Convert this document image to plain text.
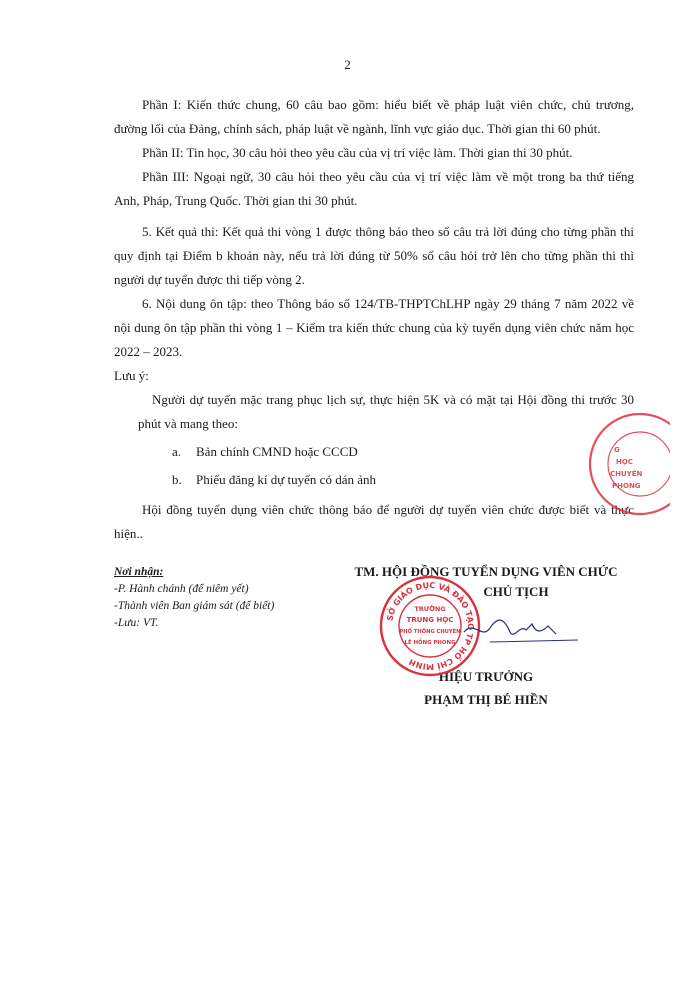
2

Phần I: Kiến thức chung, 60 câu bao gồm: hiểu biết về pháp luật viên chức, chủ trương, đường lối của Đảng, chính sách, pháp luật về ngành, lĩnh vực giáo dục. Thời gian thi 60 phút.

Phần II: Tin học, 30 câu hỏi theo yêu cầu của vị trí việc làm. Thời gian thi 30 phút.

Phần III: Ngoại ngữ, 30 câu hỏi theo yêu cầu của vị trí việc làm về một trong ba thứ tiếng Anh, Pháp, Trung Quốc. Thời gian thi 30 phút.

5. Kết quả thi: Kết quả thi vòng 1 được thông báo theo số câu trả lời đúng cho từng phần thi quy định tại Điểm b khoản này, nếu trả lời đúng từ 50% số câu hỏi trở lên cho từng phần thi thì người dự tuyển được thi tiếp vòng 2.

6. Nội dung ôn tập: theo Thông báo số 124/TB-THPTChLHP ngày 29 tháng 7 năm 2022 về nội dung ôn tập phần thi vòng 1 – Kiểm tra kiến thức chung của kỳ tuyển dụng viên chức năm học 2022 – 2023.

Lưu ý:

Người dự tuyển mặc trang phục lịch sự, thực hiện 5K và có mặt tại Hội đồng thi trước 30 phút và mang theo:

a. Bản chính CMND hoặc CCCD

b. Phiếu đăng kí dự tuyển có dán ảnh

Hội đồng tuyển dụng viên chức thông báo để người dự tuyển viên chức được biết và thực hiện..

Nơi nhận:
-P. Hành chánh (để niêm yết)
-Thành viên Ban giám sát (để biết)
-Lưu: VT.
TM. HỘI ĐỒNG TUYỂN DỤNG VIÊN CHỨC
CHỦ TỊCH
HIỆU TRƯỞNG
PHẠM THỊ BÉ HIỀN
SỞ GIÁO DỤC VÀ ĐÀO TẠO TP HỒ CHÍ MINH
TRƯỜNG
TRUNG HỌC
PHỔ THÔNG CHUYÊN
LÊ HỒNG PHONG
G
HỌC
CHUYÊN
PHONG
